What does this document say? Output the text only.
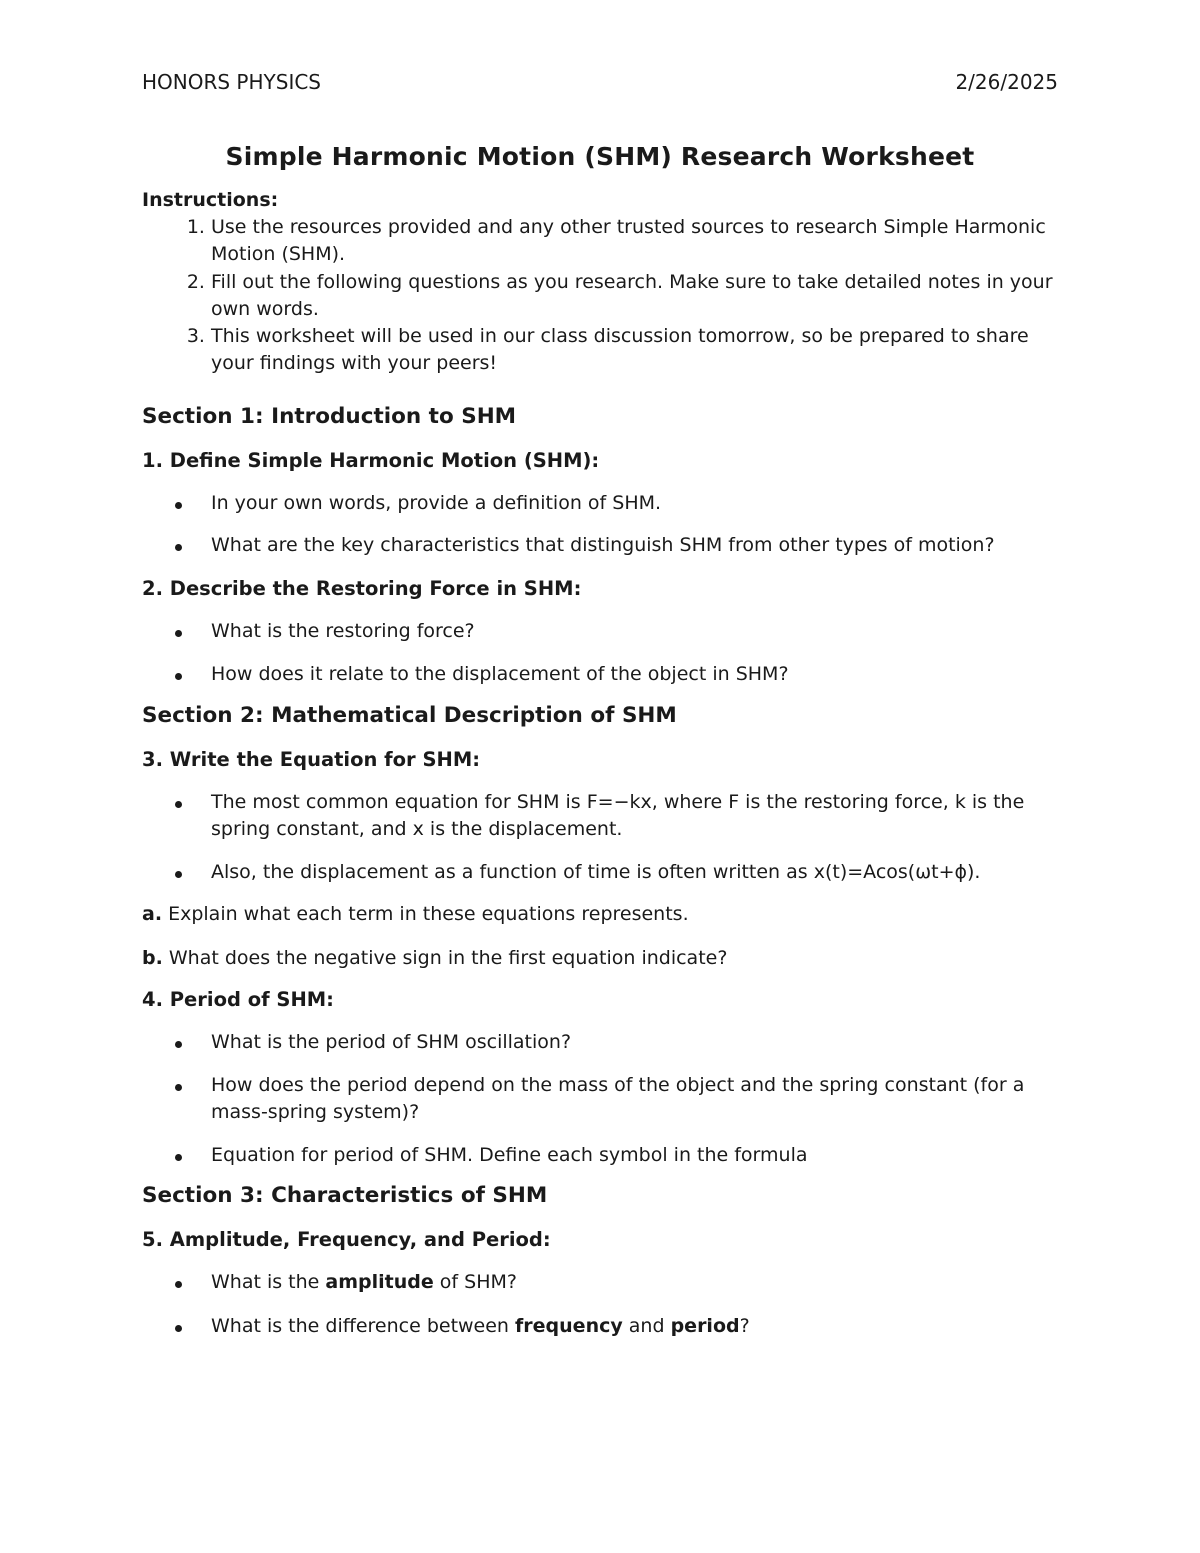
HONORS PHYSICS	2/26/2025
Simple Harmonic Motion (SHM) Research Worksheet
Instructions:
1. Use the resources provided and any other trusted sources to research Simple Harmonic Motion (SHM).
2. Fill out the following questions as you research. Make sure to take detailed notes in your own words.
3. This worksheet will be used in our class discussion tomorrow, so be prepared to share your findings with your peers!
Section 1: Introduction to SHM
1. Define Simple Harmonic Motion (SHM):
In your own words, provide a definition of SHM.
What are the key characteristics that distinguish SHM from other types of motion?
2. Describe the Restoring Force in SHM:
What is the restoring force?
How does it relate to the displacement of the object in SHM?
Section 2: Mathematical Description of SHM
3. Write the Equation for SHM:
The most common equation for SHM is F=−kx, where F is the restoring force, k is the spring constant, and x is the displacement.
Also, the displacement as a function of time is often written as x(t)=Acos(ωt+ϕ).
a. Explain what each term in these equations represents.
b. What does the negative sign in the first equation indicate?
4. Period of SHM:
What is the period of SHM oscillation?
How does the period depend on the mass of the object and the spring constant (for a mass-spring system)?
Equation for period of SHM. Define each symbol in the formula
Section 3: Characteristics of SHM
5. Amplitude, Frequency, and Period:
What is the amplitude of SHM?
What is the difference between frequency and period?
